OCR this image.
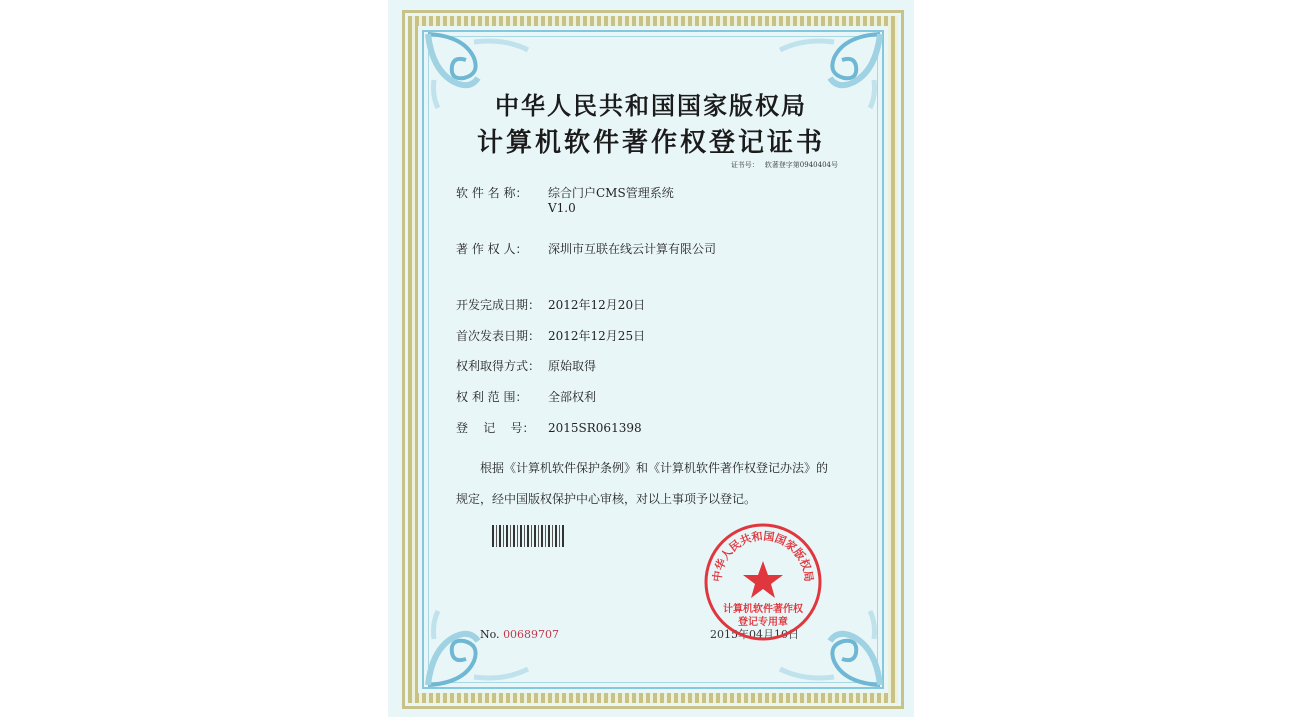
中华人民共和国国家版权局
计算机软件著作权登记证书
证书号： 软著登字第0940404号
软 件 名 称： 综合门户CMS管理系统
V1.0
著 作 权 人： 深圳市互联在线云计算有限公司
开发完成日期： 2012年12月20日
首次发表日期： 2012年12月25日
权利取得方式： 原始取得
权 利 范 围： 全部权利
登    记    号： 2015SR061398
根据《计算机软件保护条例》和《计算机软件著作权登记办法》的
规定，经中国版权保护中心审核，对以上事项予以登记。
No. 00689707	2015年04月10日
中华人民共和国国家版权局
计算机软件著作权
登记专用章
